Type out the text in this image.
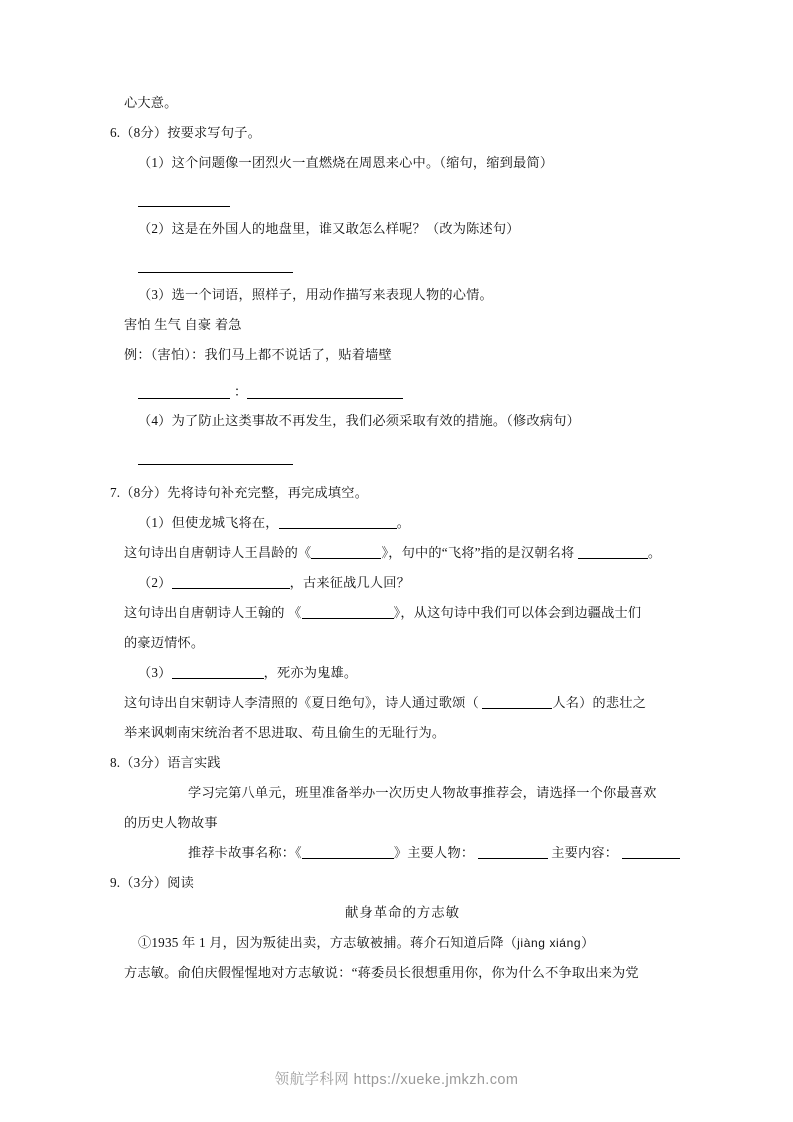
心大意。
6.（8分）按要求写句子。
（1）这个问题像一团烈火一直燃烧在周恩来心中。（缩句，缩到最简）
（2）这是在外国人的地盘里，谁又敢怎么样呢？（改为陈述句）
（3）选一个词语，照样子，用动作描写来表现人物的心情。
害怕 生气 自豪 着急
例：（害怕）：我们马上都不说话了，贴着墙壁
：
（4）为了防止这类事故不再发生，我们必须采取有效的措施。（修改病句）
7.（8分）先将诗句补充完整，再完成填空。
（1）但使龙城飞将在，	。
这句诗出自唐朝诗人王昌龄的《	》，句中的“飞将”指的是汉朝名将	。
（2）	，古来征战几人回？
这句诗出自唐朝诗人王翰的 《	》，从这句诗中我们可以体会到边疆战士们
的豪迈情怀。
（3）	，死亦为鬼雄。
这句诗出自宋朝诗人李清照的《夏日绝句》，诗人通过歌颂（	人名）的悲壮之
举来讽刺南宋统治者不思进取、苟且偷生的无耻行为。
8.（3分）语言实践
学习完第八单元，班里准备举办一次历史人物故事推荐会，请选择一个你最喜欢
的历史人物故事
推荐卡故事名称：《	》主要人物：	主要内容：
9.（3分）阅读
献身革命的方志敏
①1935 年 1 月，因为叛徒出卖，方志敏被捕。蒋介石知道后降（jiàng xiáng）
方志敏。俞伯庆假惺惺地对方志敏说：“蒋委员长很想重用你，你为什么不争取出来为党
领航学科网 https://xueke.jmkzh.com
